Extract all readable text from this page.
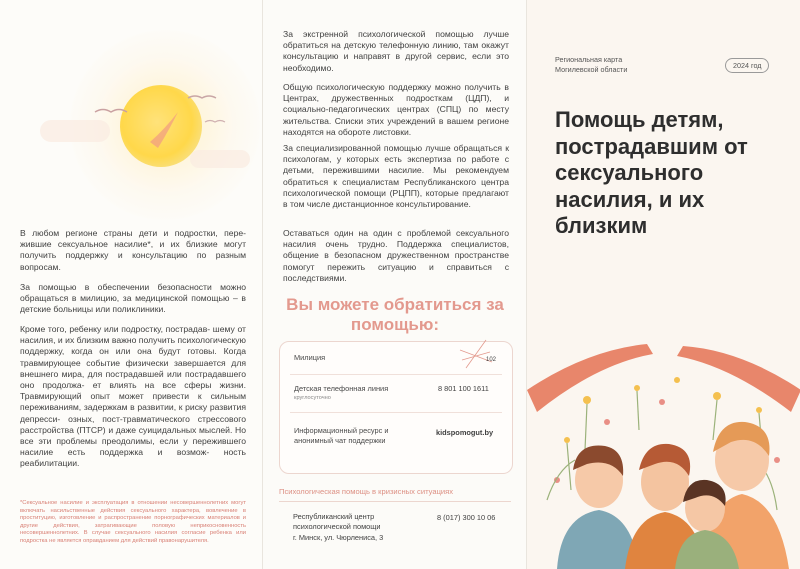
В любом регионе страны дети и подростки, пере- жившие сексуальное насилие*, и их близкие могут получить поддержку и консультацию по разным вопросам.
За помощью в обеспечении безопасности можно обращаться в милицию, за медицинской помощью – в детские больницы или поликлиники.
Кроме того, ребенку или подростку, пострадав- шему от насилия, и их близким важно получить психологическую поддержку, когда он или она будут готовы. Когда травмирующее событие физически завершается для внешнего мира, для пострадавшей или пострадавшего оно продолжа- ет влиять на все сферы жизни. Травмирующий опыт может привести к сильным переживаниям, задержкам в развитии, к риску развития депресси- озных, пост-травматического стрессового расстройства (ПТСР) и даже суицидальных мыслей. Но все эти проблемы преодолимы, если у пережившего насилие есть поддержка и возмож- ность реабилитации.
*Сексуальное насилие и эксплуатация в отношении несовершеннолетних могут включать насильственные действия сексуального характера, вовлечение в проституцию, изготовление и распространение порнографических материалов и другие действия, затрагивающие половую неприкосновенность несовершеннолетних. В случае сексуального насилия согласие ребенка или подростка не является оправданием для действий правонарушителя.
За экстренной психологической помощью лучше обратиться на детскую телефонную линию, там окажут консультацию и направят в другой сервис, если это необходимо.
Общую психологическую поддержку можно получить в Центрах, дружественных подросткам (ЦДП), и социально-педагогических центрах (СПЦ) по месту жительства. Списки этих учреждений в вашем регионе находятся на обороте листовки.
За специализированной помощью лучше обращаться к психологам, у которых есть экспертиза по работе с детьми, пережившими насилие. Мы рекомендуем обратиться к специалистам Республиканского центра психологической помощи (РЦПП), которые предлагают в том числе дистанционное консультирование.
Оставаться один на один с проблемой сексуального насилия очень трудно. Поддержка специалистов, общение в безопасном дружественном пространстве помогут пережить ситуацию и справиться с последствиями.
Вы можете обратиться за помощью:
Милиция	102
Детская телефонная линия
круглосуточно
8 801 100 1611
Информационный ресурс и анонимный чат поддержки
kidspomogut.by
Психологическая помощь в кризисных ситуациях
Республиканский центр психологической помощи
г. Минск, ул. Чюрлениса, 3
8 (017) 300 10 06
Региональная карта Могилевской области	2024 год
Помощь детям, пострадавшим от сексуального насилия, и их близким
